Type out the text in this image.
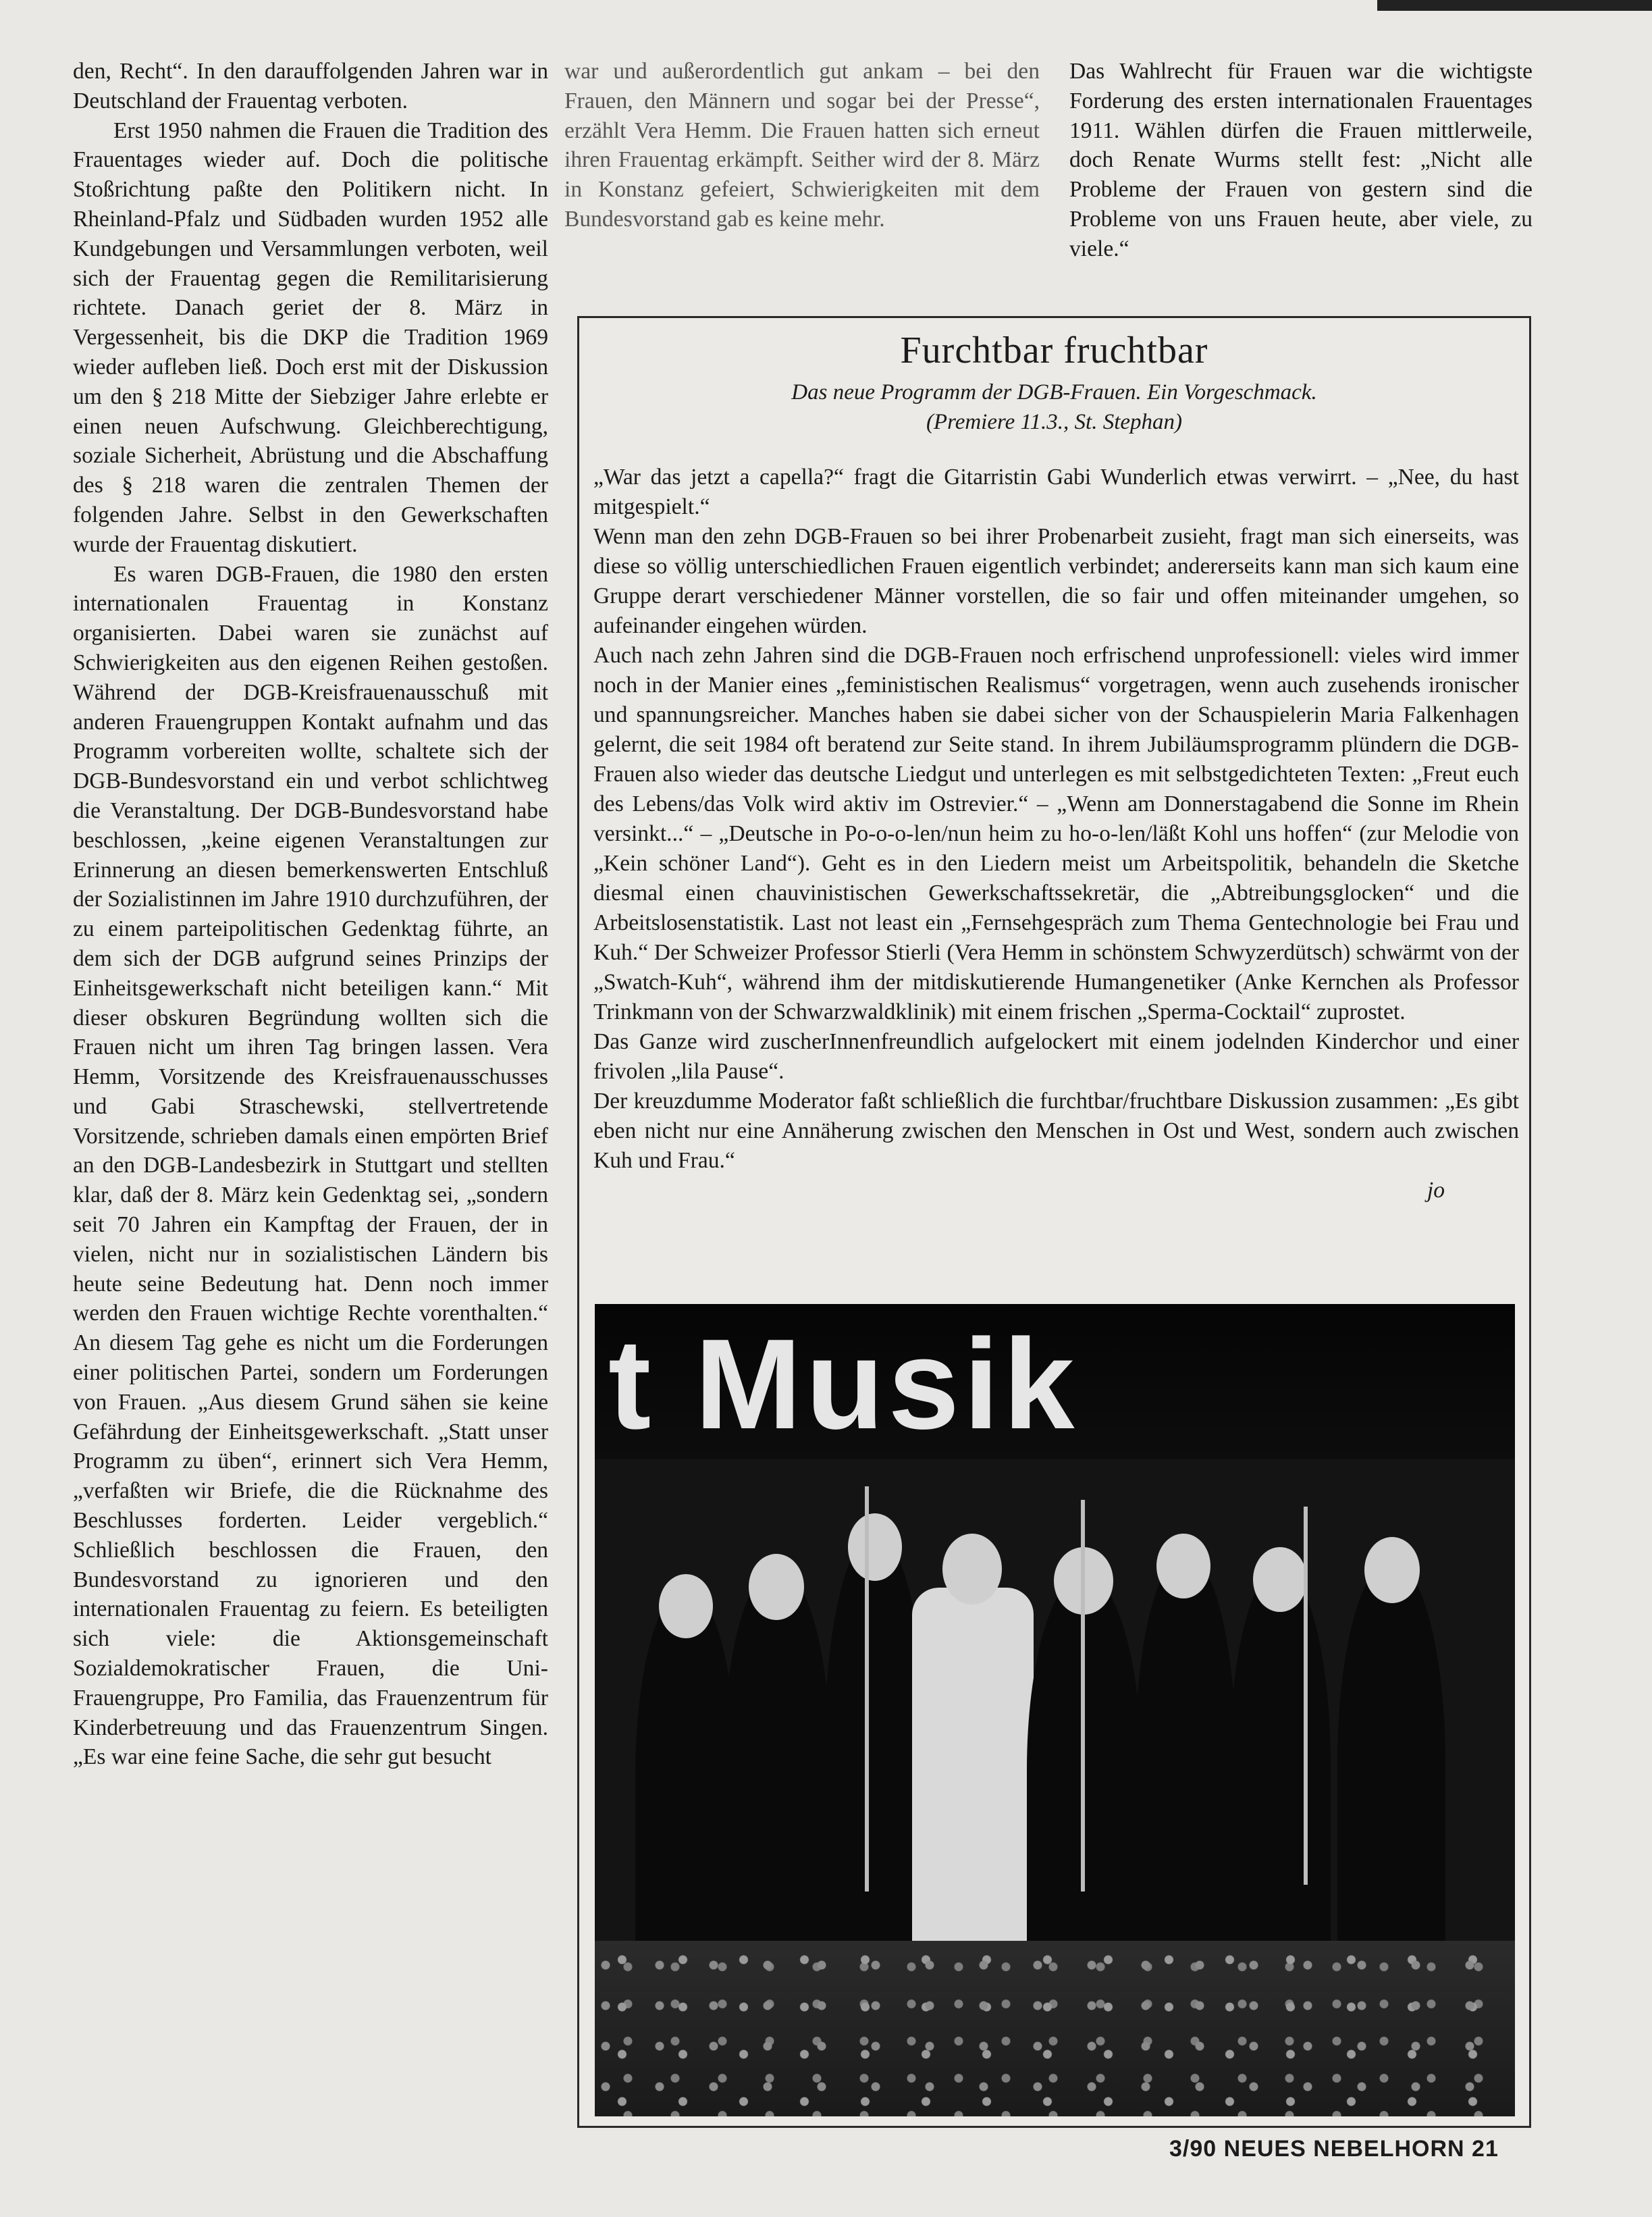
den, Recht“. In den darauffolgenden Jahren war in Deutschland der Frauentag verboten.

Erst 1950 nahmen die Frauen die Tradition des Frauentages wieder auf. Doch die politische Stoßrichtung paßte den Politikern nicht. In Rheinland-Pfalz und Südbaden wurden 1952 alle Kundgebungen und Versammlungen verboten, weil sich der Frauentag gegen die Remilitarisierung richtete. Danach geriet der 8. März in Vergessenheit, bis die DKP die Tradition 1969 wieder aufleben ließ. Doch erst mit der Diskussion um den § 218 Mitte der Siebziger Jahre erlebte er einen neuen Aufschwung. Gleichberechtigung, soziale Sicherheit, Abrüstung und die Abschaffung des § 218 waren die zentralen Themen der folgenden Jahre. Selbst in den Gewerkschaften wurde der Frauentag diskutiert.

Es waren DGB-Frauen, die 1980 den ersten internationalen Frauentag in Konstanz organisierten. Dabei waren sie zunächst auf Schwierigkeiten aus den eigenen Reihen gestoßen. Während der DGB-Kreisfrauenausschuß mit anderen Frauengruppen Kontakt aufnahm und das Programm vorbereiten wollte, schaltete sich der DGB-Bundesvorstand ein und verbot schlichtweg die Veranstaltung. Der DGB-Bundesvorstand habe beschlossen, „keine eigenen Veranstaltungen zur Erinnerung an diesen bemerkenswerten Entschluß der Sozialistinnen im Jahre 1910 durchzuführen, der zu einem parteipolitischen Gedenktag führte, an dem sich der DGB aufgrund seines Prinzips der Einheitsgewerkschaft nicht beteiligen kann.“ Mit dieser obskuren Begründung wollten sich die Frauen nicht um ihren Tag bringen lassen. Vera Hemm, Vorsitzende des Kreisfrauenausschusses und Gabi Straschewski, stellvertretende Vorsitzende, schrieben damals einen empörten Brief an den DGB-Landesbezirk in Stuttgart und stellten klar, daß der 8. März kein Gedenktag sei, „sondern seit 70 Jahren ein Kampftag der Frauen, der in vielen, nicht nur in sozialistischen Ländern bis heute seine Bedeutung hat. Denn noch immer werden den Frauen wichtige Rechte vorenthalten.“ An diesem Tag gehe es nicht um die Forderungen einer politischen Partei, sondern um Forderungen von Frauen. „Aus diesem Grund sähen sie keine Gefährdung der Einheitsgewerkschaft. „Statt unser Programm zu üben“, erinnert sich Vera Hemm, „verfaßten wir Briefe, die die Rücknahme des Beschlusses forderten. Leider vergeblich.“ Schließlich beschlossen die Frauen, den Bundesvorstand zu ignorieren und den internationalen Frauentag zu feiern. Es beteiligten sich viele: die Aktionsgemeinschaft Sozialdemokratischer Frauen, die Uni-Frauengruppe, Pro Familia, das Frauenzentrum für Kinderbetreuung und das Frauenzentrum Singen. „Es war eine feine Sache, die sehr gut besucht

war und außerordentlich gut ankam – bei den Frauen, den Männern und sogar bei der Presse“, erzählt Vera Hemm. Die Frauen hatten sich erneut ihren Frauentag erkämpft. Seither wird der 8. März in Konstanz gefeiert, Schwierigkeiten mit dem Bundesvorstand gab es keine mehr.

Das Wahlrecht für Frauen war die wichtigste Forderung des ersten internationalen Frauentages 1911. Wählen dürfen die Frauen mittlerweile, doch Renate Wurms stellt fest: „Nicht alle Probleme der Frauen von gestern sind die Probleme von uns Frauen heute, aber viele, zu viele.“

Furchtbar fruchtbar
Das neue Programm der DGB-Frauen. Ein Vorgeschmack.
(Premiere 11.3., St. Stephan)

„War das jetzt a capella?“ fragt die Gitarristin Gabi Wunderlich etwas verwirrt. – „Nee, du hast mitgespielt.“

Wenn man den zehn DGB-Frauen so bei ihrer Probenarbeit zusieht, fragt man sich einerseits, was diese so völlig unterschiedlichen Frauen eigentlich verbindet; andererseits kann man sich kaum eine Gruppe derart verschiedener Männer vorstellen, die so fair und offen miteinander umgehen, so aufeinander eingehen würden.

Auch nach zehn Jahren sind die DGB-Frauen noch erfrischend unprofessionell: vieles wird immer noch in der Manier eines „feministischen Realismus“ vorgetragen, wenn auch zusehends ironischer und spannungsreicher. Manches haben sie dabei sicher von der Schauspielerin Maria Falkenhagen gelernt, die seit 1984 oft beratend zur Seite stand. In ihrem Jubiläumsprogramm plündern die DGB-Frauen also wieder das deutsche Liedgut und unterlegen es mit selbstgedichteten Texten: „Freut euch des Lebens/das Volk wird aktiv im Ostrevier.“ – „Wenn am Donnerstagabend die Sonne im Rhein versinkt...“ – „Deutsche in Po-o-o-len/nun heim zu ho-o-len/läßt Kohl uns hoffen“ (zur Melodie von „Kein schöner Land“). Geht es in den Liedern meist um Arbeitspolitik, behandeln die Sketche diesmal einen chauvinistischen Gewerkschaftssekretär, die „Abtreibungsglocken“ und die Arbeitslosenstatistik. Last not least ein „Fernsehgespräch zum Thema Gentechnologie bei Frau und Kuh.“ Der Schweizer Professor Stierli (Vera Hemm in schönstem Schwyzerdütsch) schwärmt von der „Swatch-Kuh“, während ihm der mitdiskutierende Humangenetiker (Anke Kernchen als Professor Trinkmann von der Schwarzwaldklinik) mit einem frischen „Sperma-Cocktail“ zuprostet.

Das Ganze wird zuscherInnenfreundlich aufgelockert mit einem jodelnden Kinderchor und einer frivolen „lila Pause“.

Der kreuzdumme Moderator faßt schließlich die furchtbar/fruchtbare Diskussion zusammen: „Es gibt eben nicht nur eine Annäherung zwischen den Menschen in Ost und West, sondern auch zwischen Kuh und Frau.“

jo

t Musik
3/90 NEUES NEBELHORN 21
